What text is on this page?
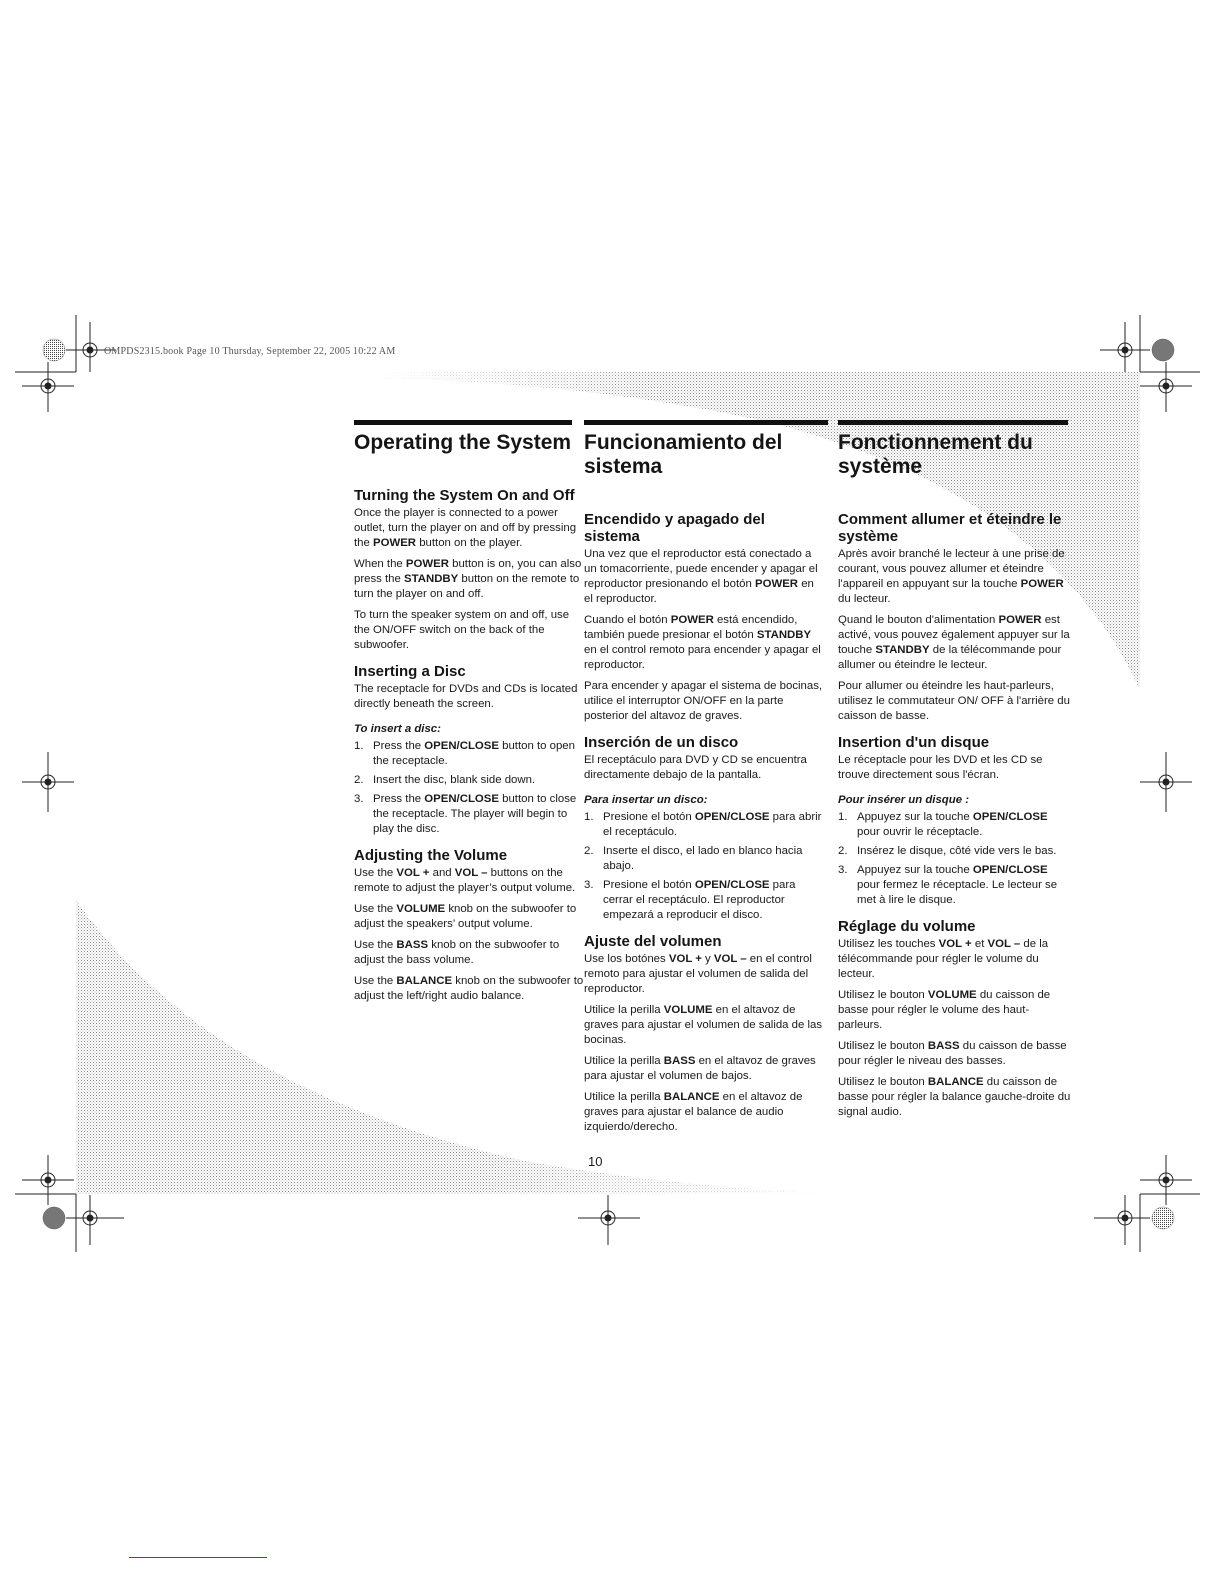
OMPDS2315.book Page 10 Thursday, September 22, 2005 10:22 AM
Operating the System
Turning the System On and Off

Once the player is connected to a power outlet, turn the player on and off by pressing the POWER button on the player.

When the POWER button is on, you can also press the STANDBY button on the remote to turn the player on and off.

To turn the speaker system on and off, use the ON/OFF switch on the back of the subwoofer.

Inserting a Disc

The receptacle for DVDs and CDs is located directly beneath the screen.

To insert a disc:

1. Press the OPEN/CLOSE button to open the receptacle.
2. Insert the disc, blank side down.
3. Press the OPEN/CLOSE button to close the receptacle. The player will begin to play the disc.
Adjusting the Volume

Use the VOL + and VOL – buttons on the remote to adjust the player’s output volume.

Use the VOLUME knob on the subwoofer to adjust the speakers’ output volume.

Use the BASS knob on the subwoofer to adjust the bass volume.

Use the BALANCE knob on the subwoofer to adjust the left/right audio balance.

Funcionamiento del sistema
Encendido y apagado del sistema

Una vez que el reproductor está conectado a un tomacorriente, puede encender y apagar el reproductor presionando el botón POWER en el reproductor.

Cuando el botón POWER está encendido, también puede presionar el botón STANDBY en el control remoto para encender y apagar el reproductor.

Para encender y apagar el sistema de bocinas, utilice el interruptor ON/OFF en la parte posterior del altavoz de graves.

Inserción de un disco

El receptáculo para DVD y CD se encuentra directamente debajo de la pantalla.

Para insertar un disco:

1. Presione el botón OPEN/CLOSE para abrir el receptáculo.
2. Inserte el disco, el lado en blanco hacia abajo.
3. Presione el botón OPEN/CLOSE para cerrar el receptáculo. El reproductor empezará a reproducir el disco.
Ajuste del volumen

Use los botónes VOL + y VOL – en el control remoto para ajustar el volumen de salida del reproductor.

Utilice la perilla VOLUME en el altavoz de graves para ajustar el volumen de salida de las bocinas.

Utilice la perilla BASS en el altavoz de graves para ajustar el volumen de bajos.

Utilice la perilla BALANCE en el altavoz de graves para ajustar el balance de audio izquierdo/derecho.

Fonctionnement du système
Comment allumer et éteindre le système

Après avoir branché le lecteur à une prise de courant, vous pouvez allumer et éteindre l'appareil en appuyant sur la touche POWER du lecteur.

Quand le bouton d'alimentation POWER est activé, vous pouvez également appuyer sur la touche STANDBY de la télécommande pour allumer ou éteindre le lecteur.

Pour allumer ou éteindre les haut-parleurs, utilisez le commutateur ON/ OFF à l'arrière du caisson de basse.

Insertion d'un disque

Le réceptacle pour les DVD et les CD se trouve directement sous l'écran.

Pour insérer un disque :

1. Appuyez sur la touche OPEN/CLOSE pour ouvrir le réceptacle.
2. Insérez le disque, côté vide vers le bas.
3. Appuyez sur la touche OPEN/CLOSE pour fermez le réceptacle. Le lecteur se met à lire le disque.
Réglage du volume

Utilisez les touches VOL + et VOL – de la télécommande pour régler le volume du lecteur.

Utilisez le bouton VOLUME du caisson de basse pour régler le volume des haut-parleurs.

Utilisez le bouton BASS du caisson de basse pour régler le niveau des basses.

Utilisez le bouton BALANCE du caisson de basse pour régler la balance gauche-droite du signal audio.

10
